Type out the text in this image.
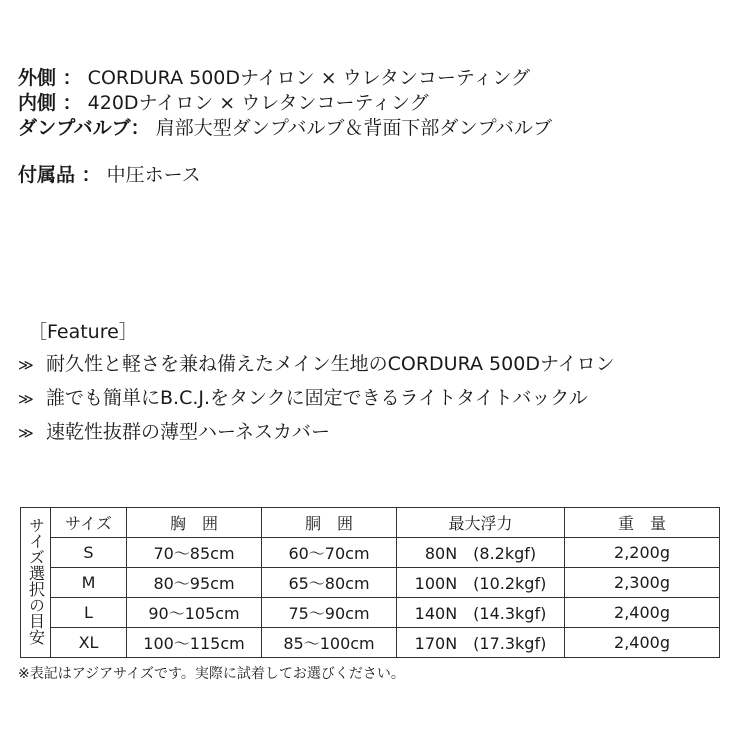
外側 ： CORDURA 500Dナイロン × ウレタンコーティング
内側 ： 420Dナイロン × ウレタンコーティング
ダンプバルブ： 肩部大型ダンプバルブ＆背面下部ダンプバルブ
付属品 ： 中圧ホース
［Feature］
≫ 耐久性と軽さを兼ね備えたメイン生地のCORDURA 500Dナイロン
≫ 誰でも簡単にB.C.J.をタンクに固定できるライトタイトバックル
≫ 速乾性抜群の薄型ハーネスカバー
サイズ選択の目安	サイズ	胸　囲	胴　囲	最大浮力	重　量
	S	70〜85cm	60〜70cm	80N　(8.2kgf)	2,200g
	M	80〜95cm	65〜80cm	100N　(10.2kgf)	2,300g
	L	90〜105cm	75〜90cm	140N　(14.3kgf)	2,400g
	XL	100〜115cm	85〜100cm	170N　(17.3kgf)	2,400g
※表記はアジアサイズです。実際に試着してお選びください。
